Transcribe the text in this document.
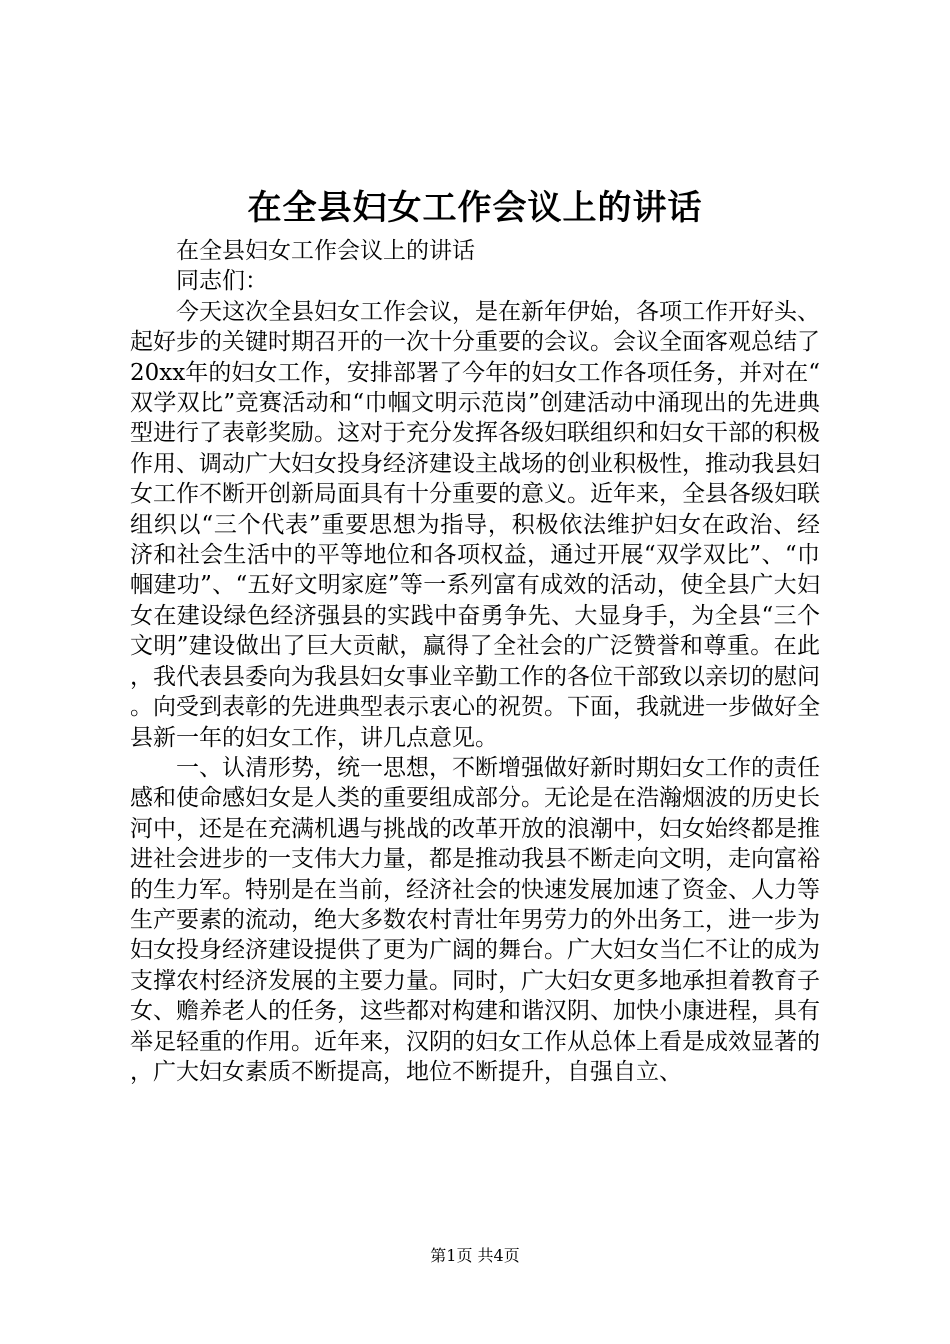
在全县妇女工作会议上的讲话

在全县妇女工作会议上的讲话

同志们：

今天这次全县妇女工作会议，是在新年伊始，各项工作开好头、起好步的关键时期召开的一次十分重要的会议。会议全面客观总结了20xx年的妇女工作，安排部署了今年的妇女工作各项任务，并对在“双学双比”竞赛活动和“巾帼文明示范岗”创建活动中涌现出的先进典型进行了表彰奖励。这对于充分发挥各级妇联组织和妇女干部的积极作用、调动广大妇女投身经济建设主战场的创业积极性，推动我县妇女工作不断开创新局面具有十分重要的意义。近年来，全县各级妇联组织以“三个代表”重要思想为指导，积极依法维护妇女在政治、经济和社会生活中的平等地位和各项权益，通过开展“双学双比”、“巾帼建功”、“五好文明家庭”等一系列富有成效的活动，使全县广大妇女在建设绿色经济强县的实践中奋勇争先、大显身手，为全县“三个文明”建设做出了巨大贡献，赢得了全社会的广泛赞誉和尊重。在此，我代表县委向为我县妇女事业辛勤工作的各位干部致以亲切的慰问。向受到表彰的先进典型表示衷心的祝贺。下面，我就进一步做好全县新一年的妇女工作，讲几点意见。

一、认清形势，统一思想，不断增强做好新时期妇女工作的责任感和使命感妇女是人类的重要组成部分。无论是在浩瀚烟波的历史长河中，还是在充满机遇与挑战的改革开放的浪潮中，妇女始终都是推进社会进步的一支伟大力量，都是推动我县不断走向文明，走向富裕的生力军。特别是在当前，经济社会的快速发展加速了资金、人力等生产要素的流动，绝大多数农村青壮年男劳力的外出务工，进一步为妇女投身经济建设提供了更为广阔的舞台。广大妇女当仁不让的成为支撑农村经济发展的主要力量。同时，广大妇女更多地承担着教育子女、赡养老人的任务，这些都对构建和谐汉阴、加快小康进程，具有举足轻重的作用。近年来，汉阴的妇女工作从总体上看是成效显著的，广大妇女素质不断提高，地位不断提升，自强自立、

第1页 共4页
